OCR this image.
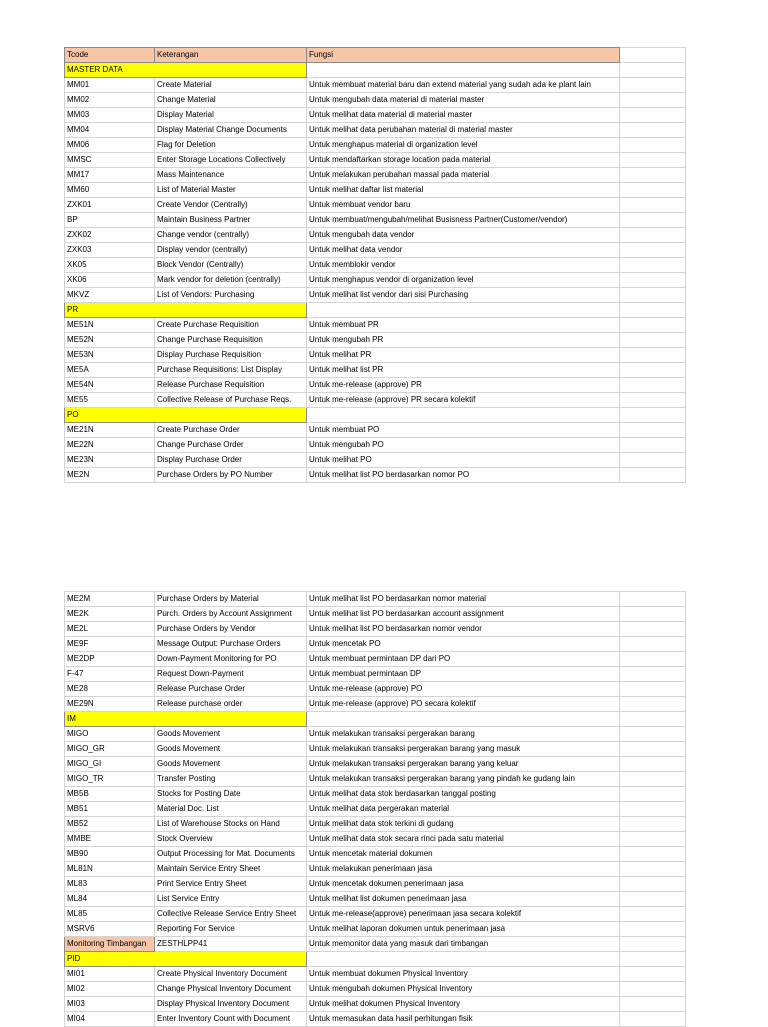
Tcode	Keterangan	Fungsi	
MASTER DATA			
MM01	Create Material	Untuk membuat material baru dan extend material yang sudah ada ke plant lain	
MM02	Change Material	Untuk mengubah data material di material master	
MM03	Display Material	Untuk melihat data material di material master	
MM04	Display Material Change Documents	Untuk melihat data perubahan material di material master	
MM06	Flag for Deletion	Untuk menghapus material di organization level	
MMSC	Enter Storage Locations Collectively	Untuk mendaftarkan storage location pada material	
MM17	Mass Maintenance	Untuk melakukan perubahan massal pada material	
MM60	List of Material Master	Untuk melihat daftar list material	
ZXK01	Create Vendor (Centrally)	Untuk membuat vendor baru	
BP	Maintain Business Partner	Untuk membuat/mengubah/melihat Busisness Partner(Customer/vendor)	
ZXK02	Change vendor (centrally)	Untuk mengubah data vendor	
ZXK03	Display vendor (centrally)	Untuk melihat data vendor	
XK05	Block Vendor (Centrally)	Untuk memblokir vendor	
XK06	Mark vendor for deletion (centrally)	Untuk menghapus vendor di organization level	
MKVZ	List of Vendors: Purchasing	Untuk melihat list vendor dari sisi Purchasing	
PR			
ME51N	Create Purchase Requisition	Untuk membuat PR	
ME52N	Change Purchase Requisition	Untuk mengubah PR	
ME53N	Display Purchase Requisition	Untuk melihat PR	
ME5A	Purchase Requisitions: List Display	Untuk melihat list PR	
ME54N	Release Purchase Requisition	Untuk me-release (approve) PR	
ME55	Collective Release of Purchase Reqs.	Untuk me-release (approve) PR secara kolektif	
PO			
ME21N	Create Purchase Order	Untuk membuat PO	
ME22N	Change Purchase Order	Untuk mengubah PO	
ME23N	Display Purchase Order	Untuk melihat PO	
ME2N	Purchase Orders by PO Number	Untuk melihat list PO berdasarkan nomor PO	
ME2M	Purchase Orders by Material	Untuk melihat list PO berdasarkan nomor material	
ME2K	Purch. Orders by Account Assignment	Untuk melihat list PO berdasarkan account assignment	
ME2L	Purchase Orders by Vendor	Untuk melihat list PO berdasarkan nomor vendor	
ME9F	Message Output: Purchase Orders	Untuk mencetak PO	
ME2DP	Down-Payment Monitoring for PO	Untuk membuat permintaan DP dari PO	
F-47	Request Down-Payment	Untuk membuat permintaan DP	
ME28	Release Purchase Order	Untuk me-release (approve) PO	
ME29N	Release purchase order	Untuk me-release (approve) PO secara kolektif	
IM			
MIGO	Goods Movement	Untuk melakukan transaksi pergerakan barang	
MIGO_GR	Goods Movement	Untuk melakukan transaksi pergerakan barang yang masuk	
MIGO_GI	Goods Movement	Untuk melakukan transaksi pergerakan barang yang keluar	
MIGO_TR	Transfer Posting	Untuk melakukan transaksi pergerakan barang yang pindah ke gudang lain	
MB5B	Stocks for Posting Date	Untuk melihat data stok berdasarkan tanggal posting	
MB51	Material Doc. List	Untuk melihat data pergerakan material	
MB52	List of Warehouse Stocks on Hand	Untuk melihat data stok terkini di gudang	
MMBE	Stock Overview	Untuk melihat data stok secara rinci pada satu material	
MB90	Output Processing for Mat. Documents	Untuk mencetak material dokumen	
ML81N	Maintain Service Entry Sheet	Untuk melakukan penerimaan jasa	
ML83	Print Service Entry Sheet	Untuk mencetak dokumen penerimaan jasa	
ML84	List Service Entry	Untuk melihat list dokumen penerimaan jasa	
ML85	Collective Release Service Entry Sheet	Untuk me-release(approve) penerimaan jasa secara kolektif	
MSRV6	Reporting For Service	Untuk melihat laporan dokumen untuk penerimaan jasa	
Monitoring Timbangan	ZESTHLPP41	Untuk memonitor data yang masuk dari timbangan	
PID			
MI01	Create Physical Inventory Document	Untuk membuat dokumen Physical Inventory	
MI02	Change Physical Inventory Document	Untuk mengubah dokumen Physical Inventory	
MI03	Display Physical Inventory Document	Untuk melihat dokumen Physical Inventory	
MI04	Enter Inventory Count with Document	Untuk memasukan data hasil perhitungan fisik	
